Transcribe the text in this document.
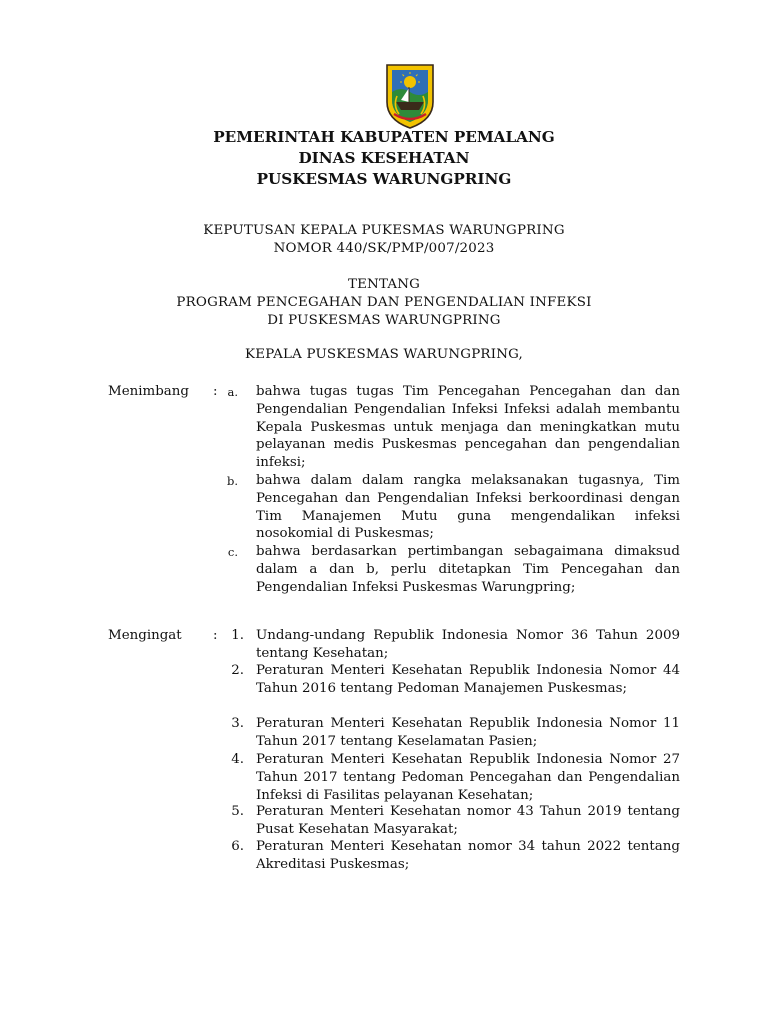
PEMERINTAH KABUPATEN PEMALANG
DINAS KESEHATAN
PUSKESMAS WARUNGPRING
KEPUTUSAN KEPALA PUKESMAS WARUNGPRING
NOMOR 440/SK/PMP/007/2023
TENTANG
PROGRAM PENCEGAHAN DAN PENGENDALIAN INFEKSI
DI PUSKESMAS WARUNGPRING
KEPALA PUSKESMAS WARUNGPRING,
Menimbang : a. bahwa tugas tugas Tim Pencegahan Pencegahan dan dan Pengendalian Pengendalian Infeksi Infeksi adalah membantu Kepala Puskesmas untuk menjaga dan meningkatkan mutu pelayanan medis Puskesmas pencegahan dan pengendalian infeksi;
b. bahwa dalam dalam rangka melaksanakan tugasnya, Tim Pencegahan dan Pengendalian Infeksi berkoordinasi dengan Tim Manajemen Mutu guna mengendalikan infeksi nosokomial di Puskesmas;
c. bahwa berdasarkan pertimbangan sebagaimana dimaksud dalam a dan b, perlu ditetapkan Tim Pencegahan dan Pengendalian Infeksi Puskesmas Warungpring;
Mengingat :	1. Undang-undang Republik Indonesia Nomor 36 Tahun 2009 tentang Kesehatan;
2. Peraturan Menteri Kesehatan Republik Indonesia Nomor 44 Tahun 2016 tentang Pedoman Manajemen Puskesmas;
3. Peraturan Menteri Kesehatan Republik Indonesia Nomor 11 Tahun 2017 tentang Keselamatan Pasien;
4. Peraturan Menteri Kesehatan Republik Indonesia Nomor 27 Tahun 2017 tentang Pedoman Pencegahan dan Pengendalian Infeksi di Fasilitas pelayanan Kesehatan;
5. Peraturan Menteri Kesehatan nomor 43 Tahun 2019 tentang Pusat Kesehatan Masyarakat;
6. Peraturan Menteri Kesehatan nomor 34 tahun 2022 tentang Akreditasi Puskesmas;
